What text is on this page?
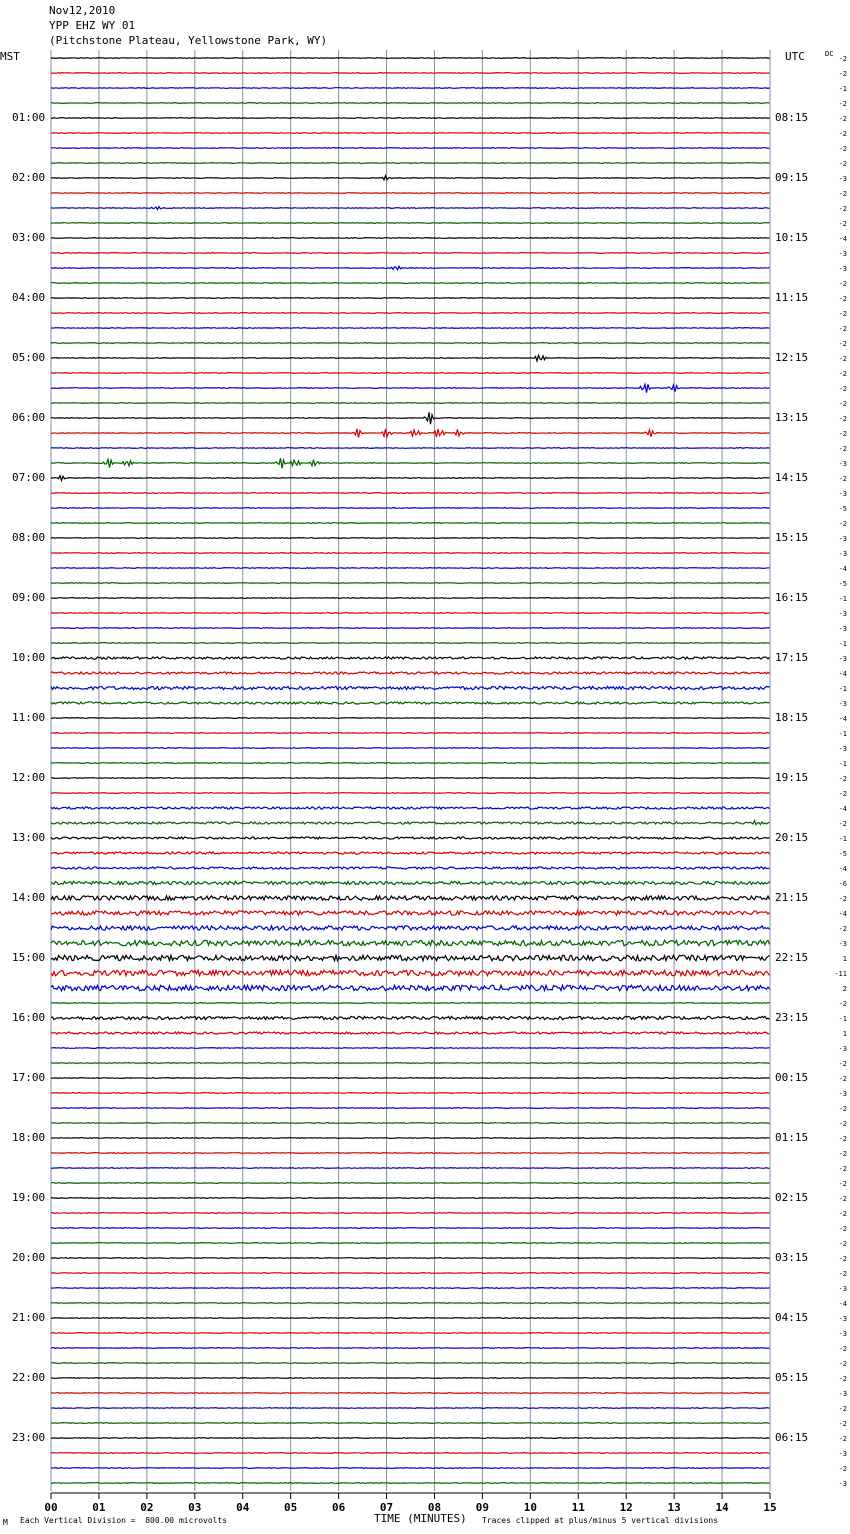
Nov12,2010
YPP EHZ WY 01
(Pitchstone Plateau, Yellowstone Park, WY)
MST	UTC	DC
01:00
02:00
03:00
04:00
05:00
06:00
07:00
08:00
09:00
10:00
11:00
12:00
13:00
14:00
15:00
16:00
17:00
18:00
19:00
20:00
21:00
22:00
23:00
08:15
09:15
10:15
11:15
12:15
13:15
14:15
15:15
16:15
17:15
18:15
19:15
20:15
21:15
22:15
23:15
00:15
01:15
02:15
03:15
04:15
05:15
06:15
-2
-2
-1
-2
-2
-2
-2
-2
-3
-2
-2
-2
-4
-3
-3
-2
-2
-2
-2
-2
-2
-2
-2
-2
-2
-2
-2
-3
-2
-3
-5
-2
-3
-3
-4
-5
-1
-3
-3
-1
-3
-4
-1
-3
-4
-1
-3
-1
-2
-2
-4
-2
-1
-5
-4
-6
-2
-4
-2
-3
1
-11
2
-2
-1
1
-3
-2
-2
-3
-2
-2
-2
-2
-2
-2
-2
-2
-2
-2
-2
-2
-3
-4
-3
-3
-2
-2
-2
-3
-2
-2
-2
-3
-2
-3
00	01	02	03	04	05	06	07	08	09	10	11	12	13	14	15
M Each Vertical Division =  800.00 microvolts	TIME (MINUTES) Traces clipped at plus/minus 5 vertical divisions
